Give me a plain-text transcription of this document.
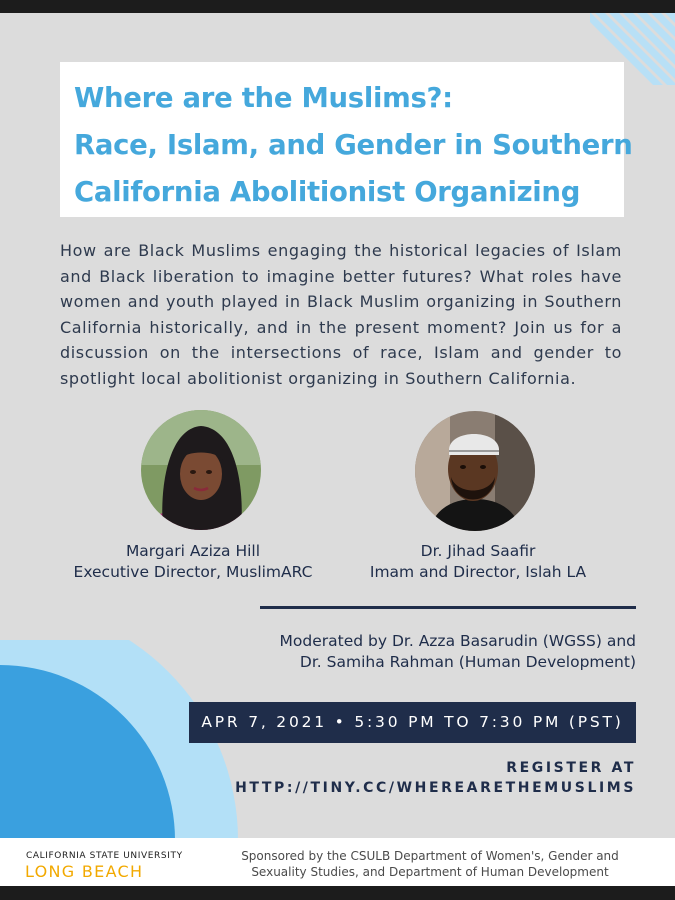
Where are the Muslims?:
Race, Islam, and Gender in Southern
California Abolitionist Organizing

How are Black Muslims engaging the historical legacies of Islam and Black liberation to imagine better futures? What roles have women and youth played in Black Muslim organizing in Southern California historically, and in the present moment? Join us for a discussion on the intersections of race, Islam and gender to spotlight local abolitionist organizing in Southern California.

Margari Aziza Hill
Executive Director, MuslimARC
Dr. Jihad Saafir
Imam and Director, Islah LA
Moderated by Dr. Azza Basarudin (WGSS) and
Dr. Samiha Rahman (Human Development)
APR 7, 2021 • 5:30 PM TO 7:30 PM (PST)
REGISTER AT
HTTP://TINY.CC/WHEREARETHEMUSLIMS
CALIFORNIA STATE UNIVERSITY
LONG BEACH
Sponsored by the CSULB Department of Women's, Gender and Sexuality Studies, and Department of Human Development
